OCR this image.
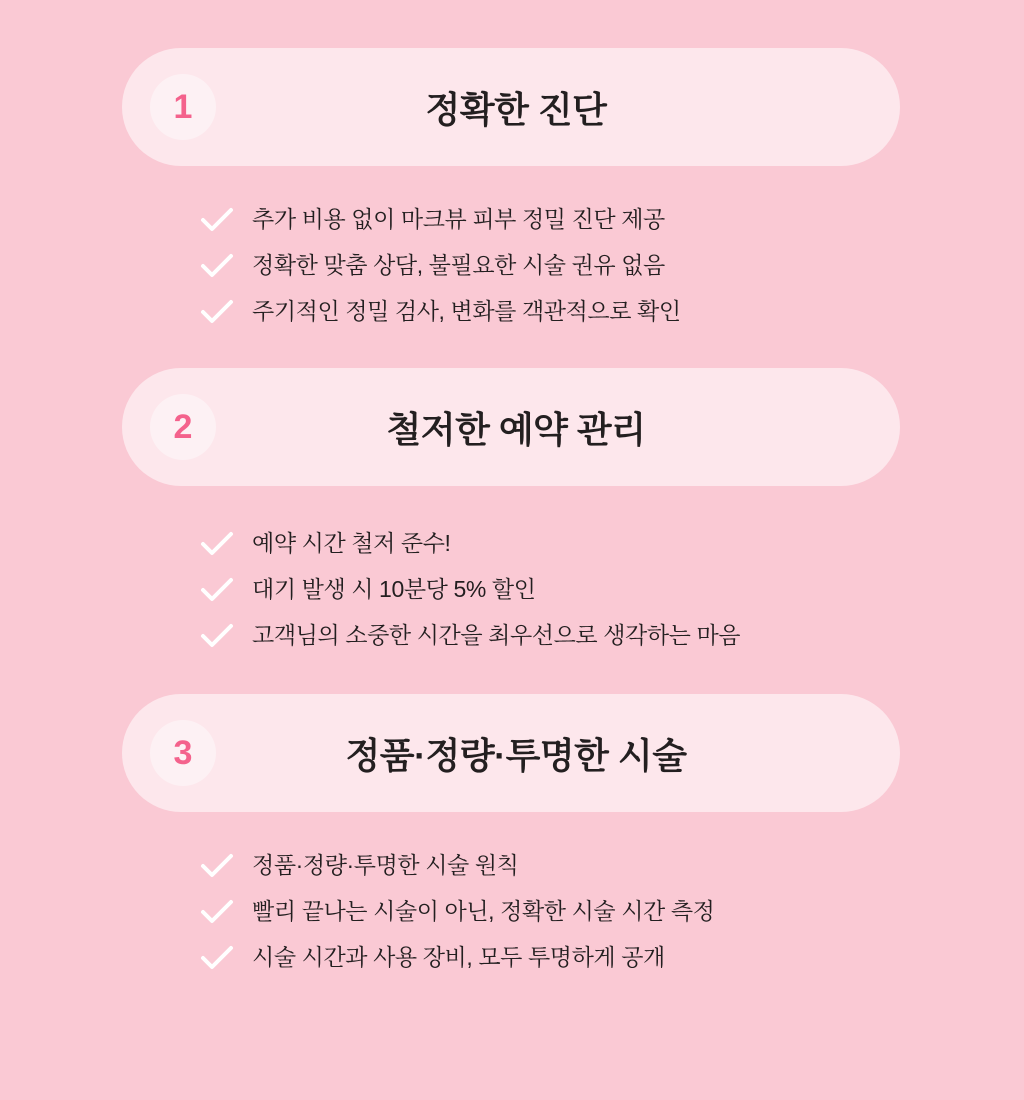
1	정확한 진단
추가 비용 없이 마크뷰 피부 정밀 진단 제공
정확한 맞춤 상담, 불필요한 시술 권유 없음
주기적인 정밀 검사, 변화를 객관적으로 확인
2	철저한 예약 관리
예약 시간 철저 준수!
대기 발생 시 10분당 5% 할인
고객님의 소중한 시간을 최우선으로 생각하는 마음
3	정품·정량·투명한 시술
정품·정량·투명한 시술 원칙
빨리 끝나는 시술이 아닌, 정확한 시술 시간 측정
시술 시간과 사용 장비, 모두 투명하게 공개
